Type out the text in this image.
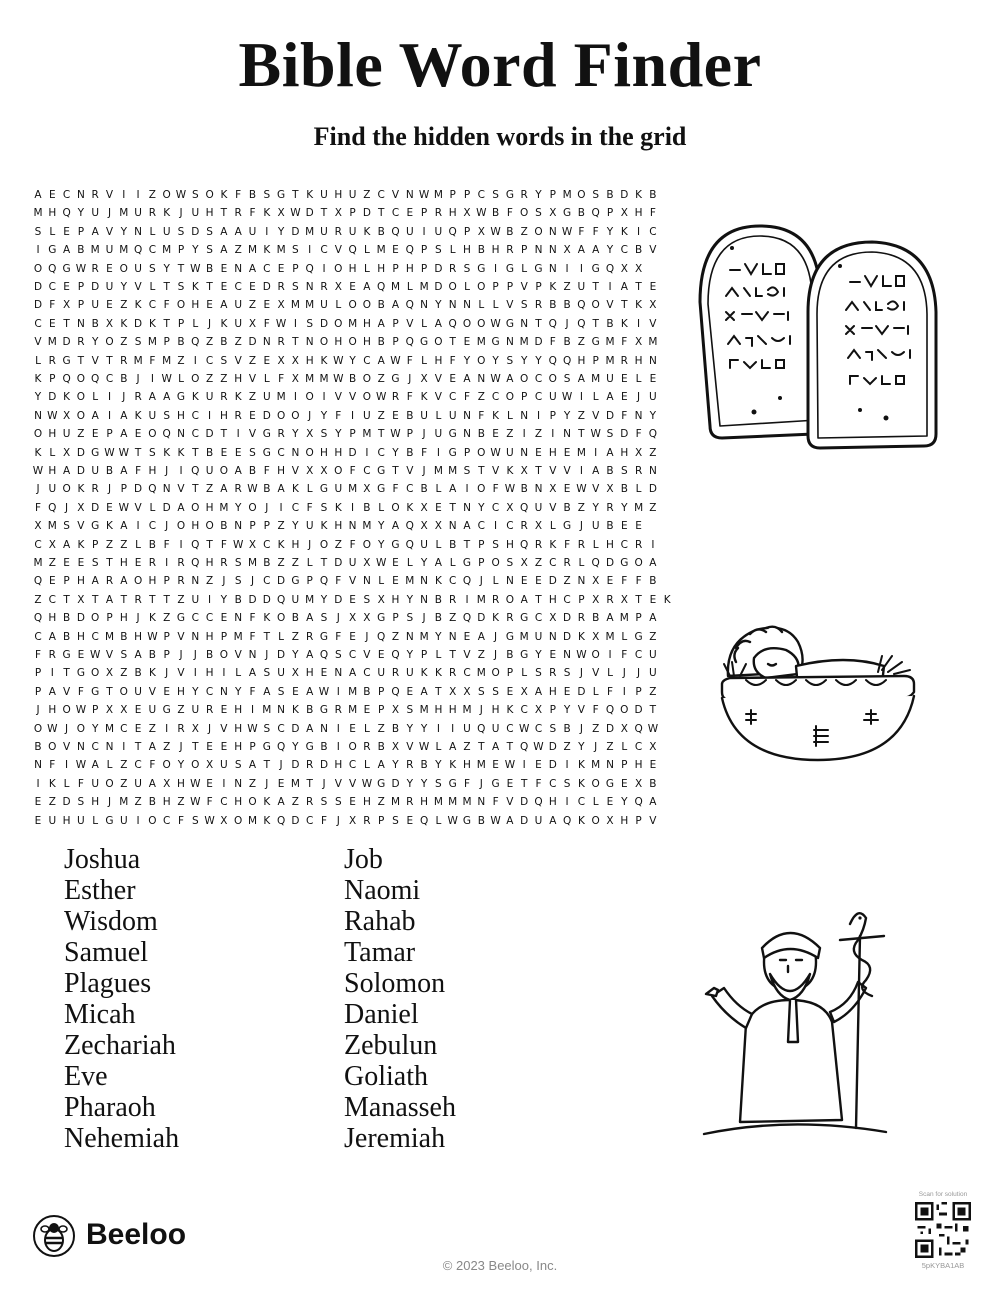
Bible Word Finder
Find the hidden words in the grid
A E C N R V I	I Z O W S O K F B S G T K U H U Z C V N W M P P C S G R Y P M O S B D K B
M H Q Y U J M U R K J U H T R F K X W D T X P D T C E P R H X W B F O S X G B Q P X H F
S L E P A V Y N L U S D S A A U I Y D M U R U K B Q U I U Q P X W B Z O N W F F Y K I C
I G A B M U M Q C M P Y S A Z M K M S I C V Q L M E Q P S L H B H R P N N X A A Y C B V
O Q G W R E O U S Y T W B E N A C E P Q I O H L H P H P D R S G I G L G N I	I G Q X X
D C E P D U Y V L T S K T E C E D R S N R X E A Q M L M D O L O P P V P K Z U T I A T E
D F X P U E Z K C F O H E A U Z E X M M U L O O B A Q N Y N N L L V S R B B Q O V T K X
C E T N B X K D K T P L J K U X F W I S D O M H A P V L A Q O O W G N T Q J Q T B K I V
V M D R Y O Z S M P B Q Z B Z D N R T N O H O H B P Q G O T E M G N M D F B Z G M F X M
L R G T V T R M F M Z I C S V Z E X X H K W Y C A W F L H F Y O Y S Y Y Q Q H P M R H N
K P Q O Q C B J	I W L O Z Z H V L F X M M W B O Z G J X V E A N W A O C O S A M U E L E
Y D K O L I	J R A A G K U R K Z U M I O I V V O W R F K V C F Z C O P C U W I L A E J U
N W X O A I A K U S H C I H R E D O O J Y F I U Z E B U L U N F K L N I P Y Z V D F N Y
O H U Z E P A E O Q N C D T I V G R Y X S Y P M T W P J U G N B E Z I Z I N T W S D F Q
K L X D G W W T S K K T B E E S G C N O H H D I C Y B F I G P O W U N E H E M I A H X Z
W H A D U B A F H J	I Q U O A B F H V X X O F C G T V J M M S T V K X T V V I A B S R N
J U O K R J P D Q N V T Z A R W B A K L G U M X G F C B L A I O F W B N X E W V X B L D
F Q J X D E W V L D A O H M Y O J	I C F S K I B L O K X E T N Y C X Q U V B Z Y R Y M Z
X M S V G K A I C J O H O B N P P Z Y U K H N M Y A Q X X N A C I C R X L G J U B E E
C X A K P Z Z L B F I Q T F W X C K H J O Z F O Y G Q U L B T P S H Q R K F R L H C R I
M Z E E S T H E R I R Q H R S M B Z Z L T D U X W E L Y A L G P O S X Z C R L Q D G O A
Q E P H A R A O H P R N Z J S J C D G P Q F V N L E M N K C Q J L N E E D Z N X E F F B
Z C T X T A T R T T Z U I Y B D D Q U M Y D E S X H Y N B R I M R O A T H C P X R X T E K
Q H B D O P H J K Z G C C E N F K O B A S J X X G P S J B Z Q D K R G C X D R B A M P A
C A B H C M B H W P V N H P M F T L Z R G F E J Q Z N M Y N E A J G M U N D K X M L G Z
F R G E W V S A B P J	J B O V N J D Y A Q S C V E Q Y P L T V Z J B G Y E N W O I F C U
P I T G O X Z B K J V I H I L A S U X H E N A C U R U K K R C M O P L S R S J V L J	J U
P A V F G T O U V E H Y C N Y F A S E A W I M B P Q E A T X X S S E X A H E D L F I P Z
J H O W P X X E U G Z U R E H I M N K B G R M E P X S M H H M J H K C X P Y V F Q O D T
O W J O Y M C E Z I R X J V H W S C D A N I E L Z B Y Y I	I U Q U C W C S B J Z D X Q W
B O V N C N I T A Z J T E E H P G Q Y G B I O R B X V W L A Z T A T Q W D Z Y J Z L C X
N F I W A L Z C F O Y O X U S A T J D R D H C L A Y R B Y K H M E W I E D I K M N P H E
I K L F U O Z U A X H W E I N Z J E M T J V V W G D Y Y S G F J G E T F C S K O G E X B
E Z D S H J M Z B H Z W F C H O K A Z R S S E H Z M R H M M M N F V D Q H I C L E Y Q A
E U H U L G U I O C F S W X O M K Q D C F J X R P S E Q L W G B W A D U A Q K O X H P V
Joshua
Esther
Wisdom
Samuel
Plagues
Micah
Zechariah
Eve
Pharaoh
Nehemiah
Job
Naomi
Rahab
Tamar
Solomon
Daniel
Zebulun
Goliath
Manasseh
Jeremiah
Beeloo
© 2023 Beeloo, Inc.
Scan for solution
5pKYBA1AB
